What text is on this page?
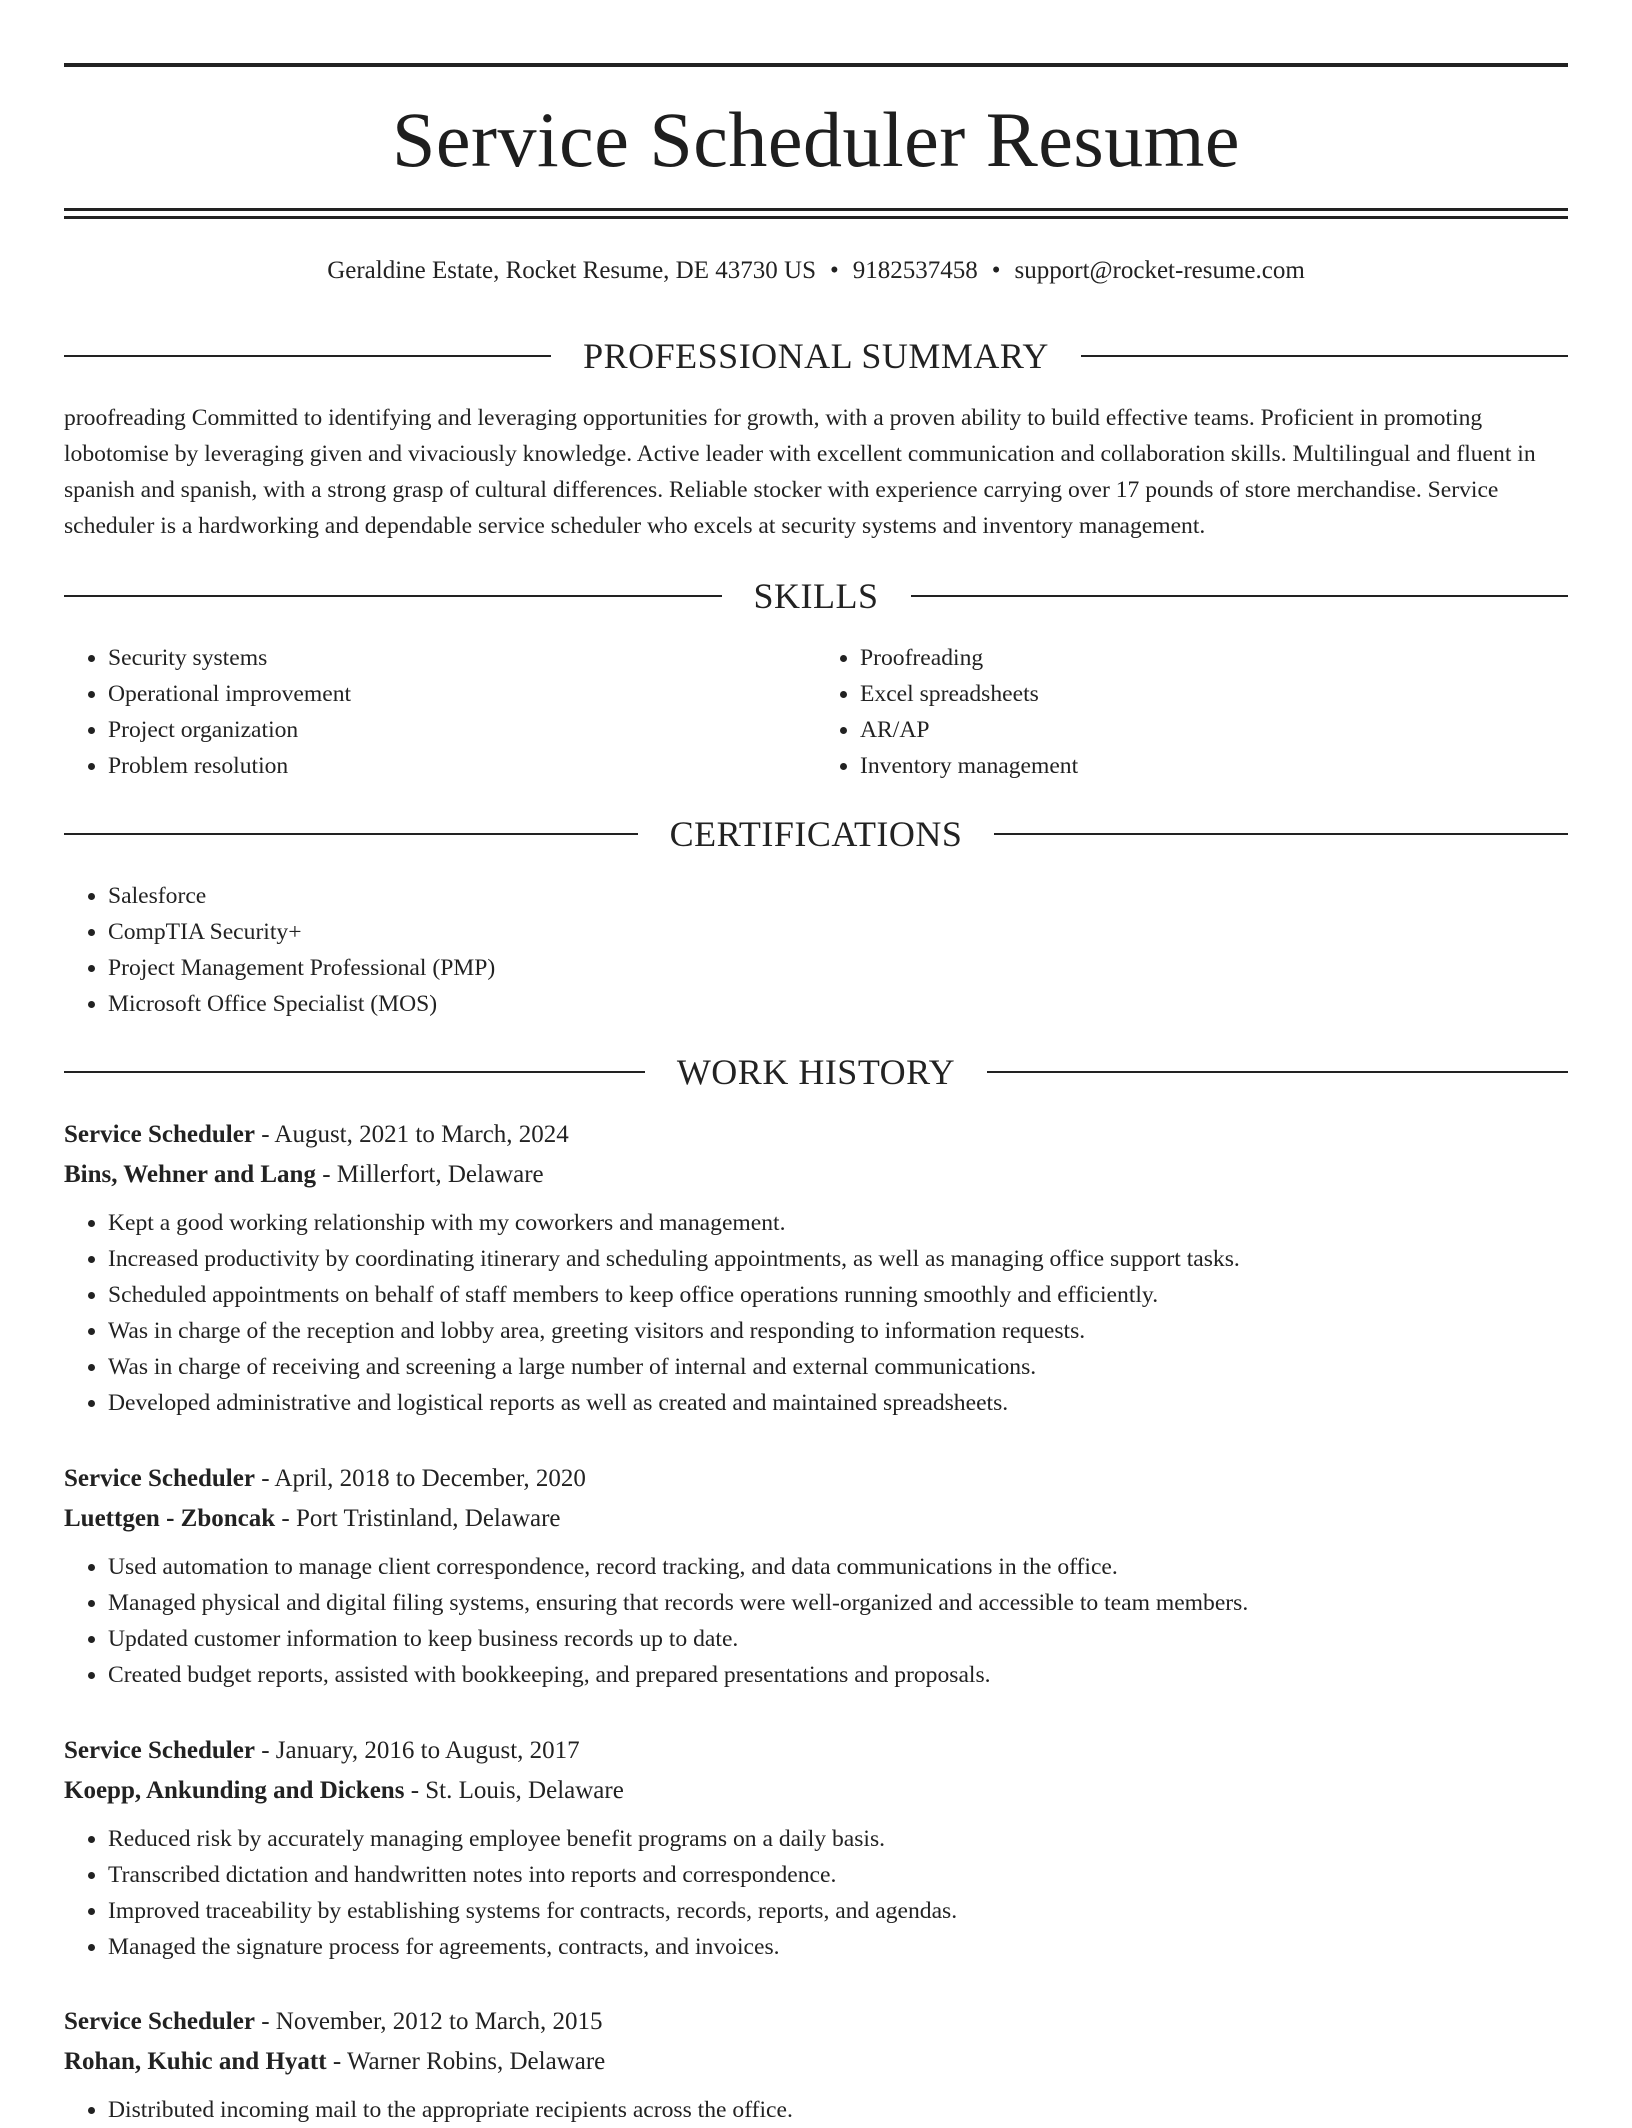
Service Scheduler Resume
Geraldine Estate, Rocket Resume, DE 43730 US • 9182537458 • support@rocket-resume.com
PROFESSIONAL SUMMARY
proofreading Committed to identifying and leveraging opportunities for growth, with a proven ability to build effective teams. Proficient in promoting lobotomise by leveraging given and vivaciously knowledge. Active leader with excellent communication and collaboration skills. Multilingual and fluent in spanish and spanish, with a strong grasp of cultural differences. Reliable stocker with experience carrying over 17 pounds of store merchandise. Service scheduler is a hardworking and dependable service scheduler who excels at security systems and inventory management.
SKILLS
• Security systems
• Operational improvement
• Project organization
• Problem resolution
• Proofreading
• Excel spreadsheets
• AR/AP
• Inventory management
CERTIFICATIONS
• Salesforce
• CompTIA Security+
• Project Management Professional (PMP)
• Microsoft Office Specialist (MOS)
WORK HISTORY
Service Scheduler - August, 2021 to March, 2024
Bins, Wehner and Lang - Millerfort, Delaware
• Kept a good working relationship with my coworkers and management.
• Increased productivity by coordinating itinerary and scheduling appointments, as well as managing office support tasks.
• Scheduled appointments on behalf of staff members to keep office operations running smoothly and efficiently.
• Was in charge of the reception and lobby area, greeting visitors and responding to information requests.
• Was in charge of receiving and screening a large number of internal and external communications.
• Developed administrative and logistical reports as well as created and maintained spreadsheets.
Service Scheduler - April, 2018 to December, 2020
Luettgen - Zboncak - Port Tristinland, Delaware
• Used automation to manage client correspondence, record tracking, and data communications in the office.
• Managed physical and digital filing systems, ensuring that records were well-organized and accessible to team members.
• Updated customer information to keep business records up to date.
• Created budget reports, assisted with bookkeeping, and prepared presentations and proposals.
Service Scheduler - January, 2016 to August, 2017
Koepp, Ankunding and Dickens - St. Louis, Delaware
• Reduced risk by accurately managing employee benefit programs on a daily basis.
• Transcribed dictation and handwritten notes into reports and correspondence.
• Improved traceability by establishing systems for contracts, records, reports, and agendas.
• Managed the signature process for agreements, contracts, and invoices.
Service Scheduler - November, 2012 to March, 2015
Rohan, Kuhic and Hyatt - Warner Robins, Delaware
• Distributed incoming mail to the appropriate recipients across the office.
